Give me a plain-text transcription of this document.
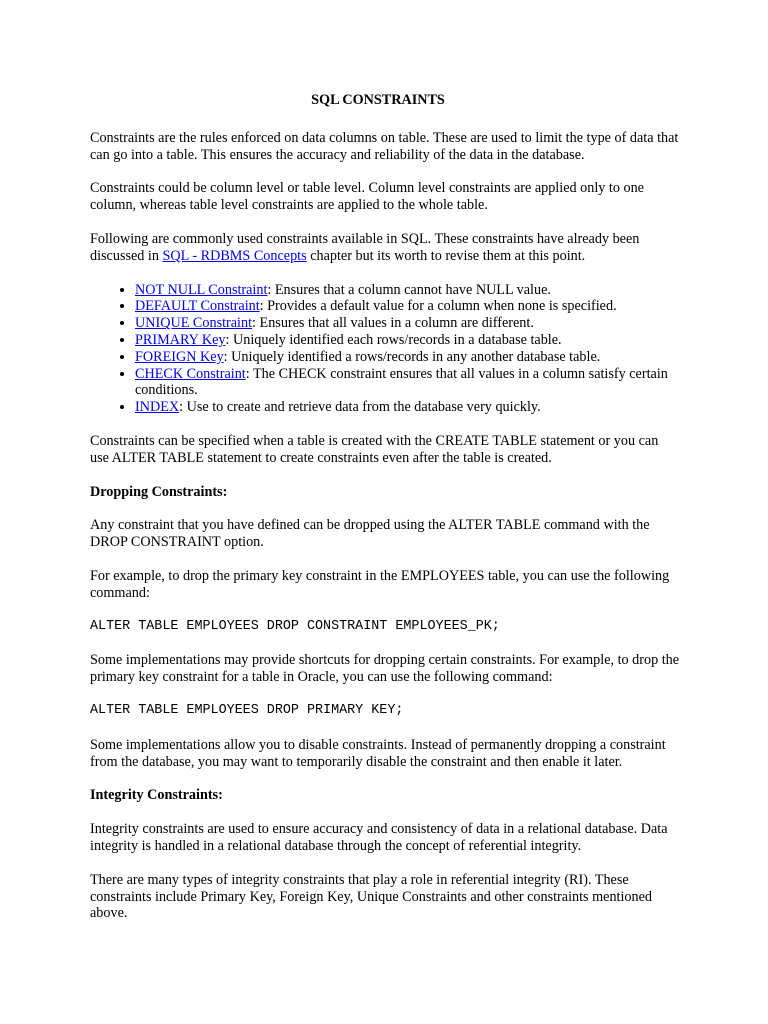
SQL CONSTRAINTS

Constraints are the rules enforced on data columns on table. These are used to limit the type of data that can go into a table. This ensures the accuracy and reliability of the data in the database.

Constraints could be column level or table level. Column level constraints are applied only to one column, whereas table level constraints are applied to the whole table.

Following are commonly used constraints available in SQL. These constraints have already been discussed in SQL - RDBMS Concepts chapter but its worth to revise them at this point.

• NOT NULL Constraint: Ensures that a column cannot have NULL value.
• DEFAULT Constraint: Provides a default value for a column when none is specified.
• UNIQUE Constraint: Ensures that all values in a column are different.
• PRIMARY Key: Uniquely identified each rows/records in a database table.
• FOREIGN Key: Uniquely identified a rows/records in any another database table.
• CHECK Constraint: The CHECK constraint ensures that all values in a column satisfy certain conditions.
• INDEX: Use to create and retrieve data from the database very quickly.

Constraints can be specified when a table is created with the CREATE TABLE statement or you can use ALTER TABLE statement to create constraints even after the table is created.

Dropping Constraints:

Any constraint that you have defined can be dropped using the ALTER TABLE command with the DROP CONSTRAINT option.

For example, to drop the primary key constraint in the EMPLOYEES table, you can use the following command:

ALTER TABLE EMPLOYEES DROP CONSTRAINT EMPLOYEES_PK;

Some implementations may provide shortcuts for dropping certain constraints. For example, to drop the primary key constraint for a table in Oracle, you can use the following command:

ALTER TABLE EMPLOYEES DROP PRIMARY KEY;

Some implementations allow you to disable constraints. Instead of permanently dropping a constraint from the database, you may want to temporarily disable the constraint and then enable it later.

Integrity Constraints:

Integrity constraints are used to ensure accuracy and consistency of data in a relational database. Data integrity is handled in a relational database through the concept of referential integrity.

There are many types of integrity constraints that play a role in referential integrity (RI). These constraints include Primary Key, Foreign Key, Unique Constraints and other constraints mentioned above.
